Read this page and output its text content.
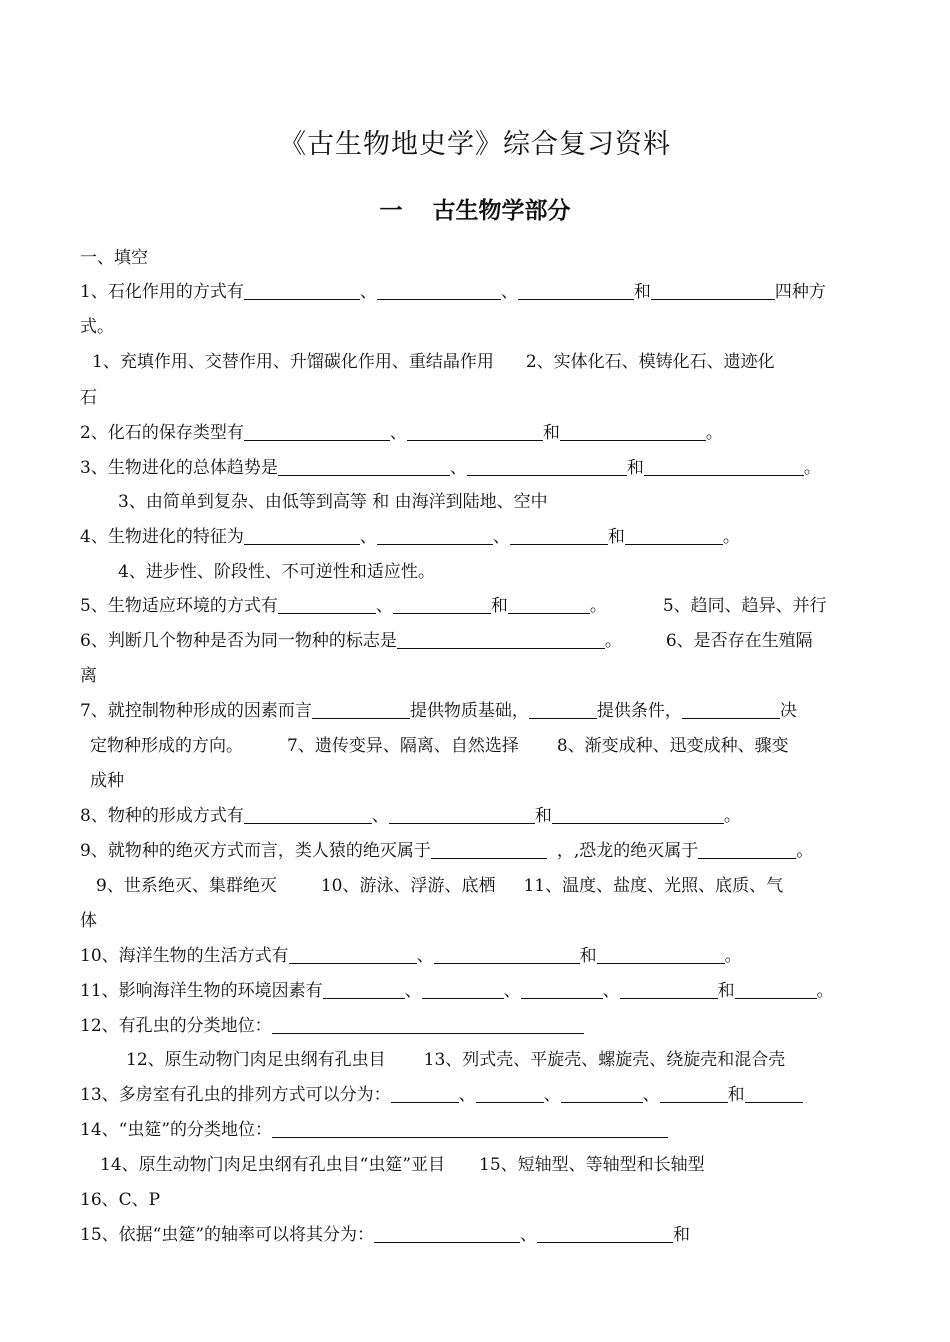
《古生物地史学》综合复习资料
一 古生物学部分
一、填空
1、石化作用的方式有	、	、	和	四种方
式。
1、充填作用、交替作用、升馏碳化作用、重结晶作用 2、实体化石、模铸化石、遗迹化
石
2、化石的保存类型有	、	和	。
3、生物进化的总体趋势是	、	和	。
3、由简单到复杂、由低等到高等 和 由海洋到陆地、空中
4、生物进化的特征为	、	、	和	。
4、进步性、阶段性、不可逆性和适应性。
5、生物适应环境的方式有	、	和	。	5、趋同、趋异、并行
6、判断几个物种是否为同一物种的标志是	。	6、是否存在生殖隔
离
7、就控制物种形成的因素而言	提供物质基础，	提供条件，	决
定物种形成的方向。	7、遗传变异、隔离、自然选择 8、渐变成种、迅变成种、骤变
成种
8、物种的形成方式有	、	和	。
9、就物种的绝灭方式而言，类人猿的绝灭属于	，,恐龙的绝灭属于	。
9、世系绝灭、集群绝灭	10、游泳、浮游、底栖 11、温度、盐度、光照、底质、气
体
10、海洋生物的生活方式有	、	和	。
11、影响海洋生物的环境因素有	、	、	、	和	。
12、有孔虫的分类地位：
12、原生动物门肉足虫纲有孔虫目 13、列式壳、平旋壳、螺旋壳、绕旋壳和混合壳
13、多房室有孔虫的排列方式可以分为：	、	、	、	和
14、“虫筵”的分类地位：
14、原生动物门肉足虫纲有孔虫目“虫筵”亚目 15、短轴型、等轴型和长轴型
16、C、P
15、依据“虫筵”的轴率可以将其分为：	、	和
